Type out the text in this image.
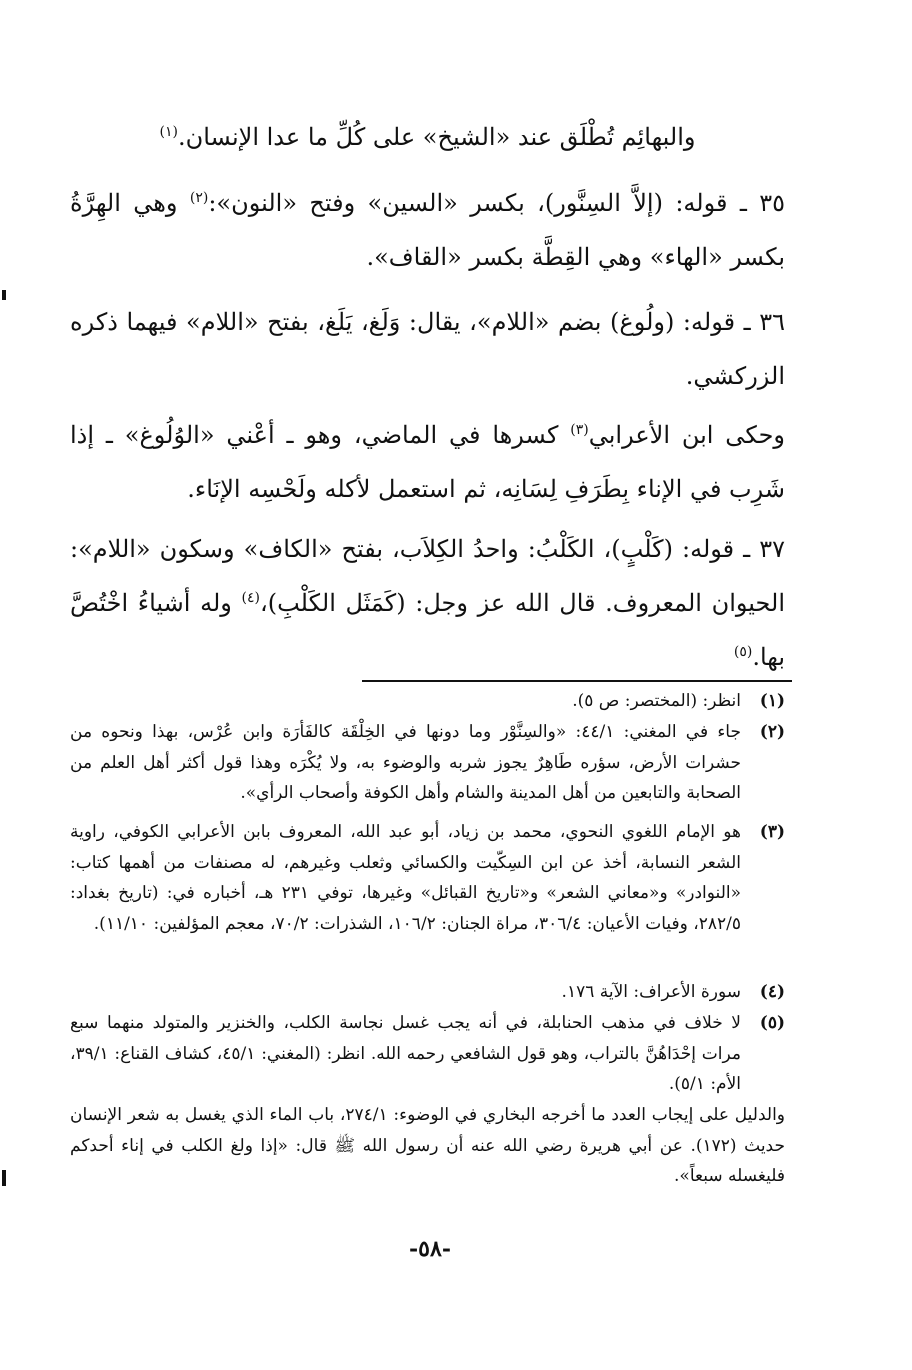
والبهائِم تُطْلَق عند «الشيخ» على كُلِّ ما عدا الإنسان.$^{(١)}$
٣٥ ـ قوله: (إلاَّ السِنَّور)، بكسر «السين» وفتح «النون»:$^{(٢)}$ وهي الهِرَّةُ بكسر «الهاء» وهي القِطَّة بكسر «القاف».
٣٦ ـ قوله: (ولُوغ) بضم «اللام»، يقال: وَلَغ، يَلَغ، بفتح «اللام» فيهما ذكره الزركشي.
وحكى ابن الأعرابي$^{(٣)}$ كسرها في الماضي، وهو ـ أعْني «الوُلُوغ» ـ إذا شَرِب في الإناء بِطَرَفِ لِسَانِه، ثم استعمل لأكله ولَحْسِه الإنَاء.
٣٧ ـ قوله: (كَلْبٍ)، الكَلْبُ: واحدُ الكِلاَب، بفتح «الكاف» وسكون «اللام»: الحيوان المعروف. قال الله عز وجل: (كَمَثَل الكَلْبِ)،$^{(٤)}$ وله أشياءُ اخْتُصَّ بها.$^{(٥)}$
(١)
انظر: (المختصر: ص ٥).
(٢)
جاء في المغني: ٤٤/١: «والسِنَّوْر وما دونها في الخِلْقَة كالفَأرَة وابن عُرْس، بهذا ونحوه من حشرات الأرض، سؤره طَاهِرٌ يجوز شربه والوضوء به، ولا يُكْرَه وهذا قول أكثر أهل العلم من الصحابة والتابعين من أهل المدينة والشام وأهل الكوفة وأصحاب الرأي».
(٣)
هو الإمام اللغوي النحوي، محمد بن زياد، أبو عبد الله، المعروف بابن الأعرابي الكوفي، راوية الشعر النسابة، أخذ عن ابن السِكّيت والكسائي وثعلب وغيرهم، له مصنفات من أهمها كتاب: «النوادر» و«معاني الشعر» و«تاريخ القبائل» وغيرها، توفي ٢٣١ هـ، أخباره في: (تاريخ بغداد: ٢٨٢/٥، وفيات الأعيان: ٣٠٦/٤، مراة الجنان: ١٠٦/٢، الشذرات: ٧٠/٢، معجم المؤلفين: ١١/١٠).
(٤)
سورة الأعراف: الآية ١٧٦.
(٥)
لا خلاف في مذهب الحنابلة، في أنه يجب غسل نجاسة الكلب، والخنزير والمتولد منهما سبع مرات إحْدَاهُنَّ بالتراب، وهو قول الشافعي رحمه الله. انظر: (المغني: ٤٥/١، كشاف القناع: ٣٩/١، الأم: ٥/١).
والدليل على إيجاب العدد ما أخرجه البخاري في الوضوء: ٢٧٤/١، باب الماء الذي يغسل به شعر الإنسان حديث (١٧٢). عن أبي هريرة رضي الله عنه أن رسول الله ﷺ قال: «إذا ولغ الكلب في إناء أحدكم فليغسله سبعاً».
-٥٨-
